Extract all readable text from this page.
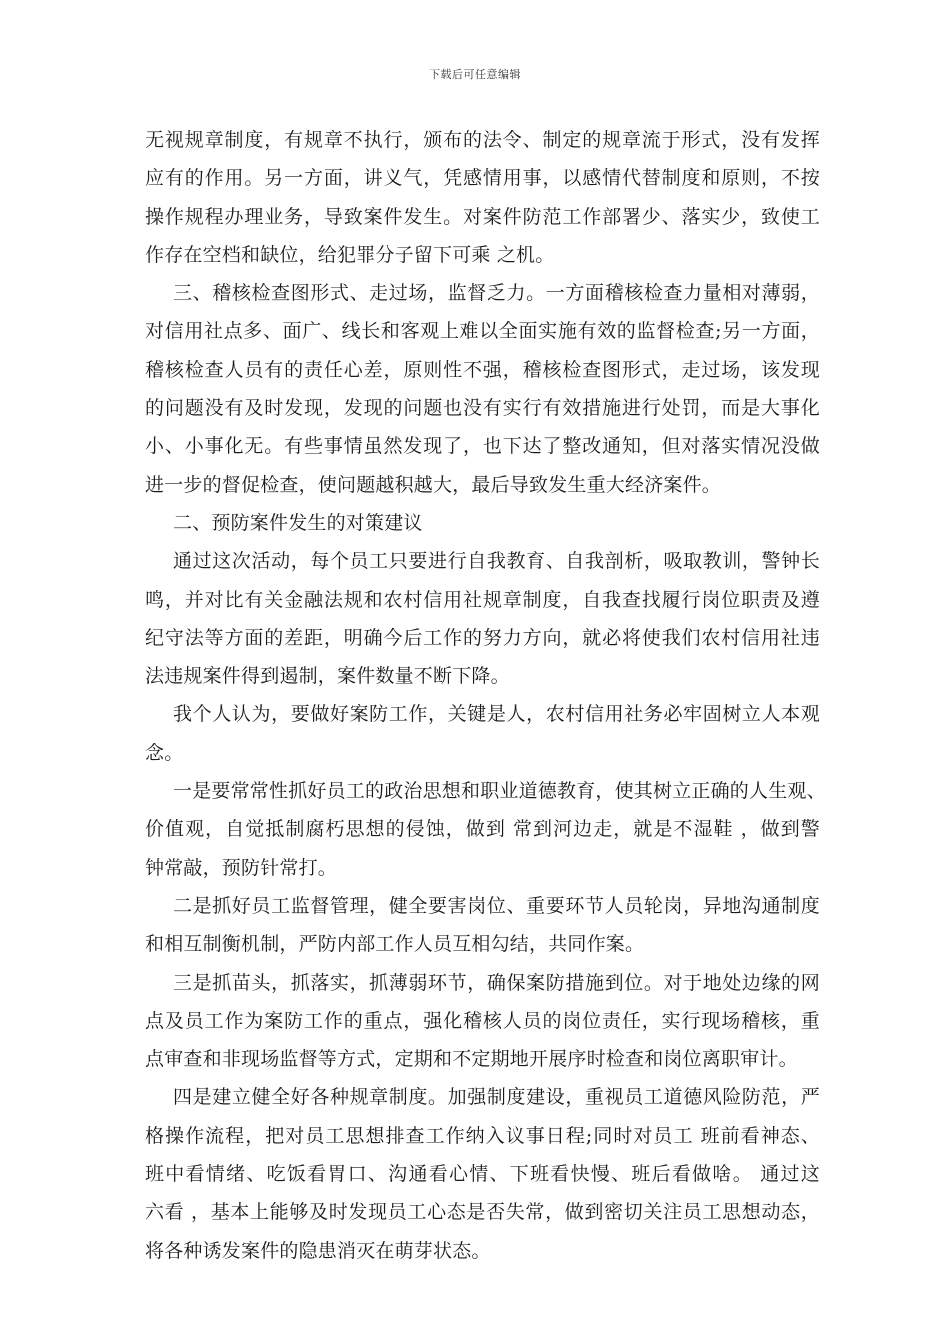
下载后可任意编辑
无视规章制度，有规章不执行，颁布的法令、制定的规章流于形式，没有发挥
应有的作用。另一方面，讲义气，凭感情用事，以感情代替制度和原则，不按
操作规程办理业务，导致案件发生。对案件防范工作部署少、落实少，致使工
作存在空档和缺位，给犯罪分子留下可乘 之机。
三、稽核检查图形式、走过场，监督乏力。一方面稽核检查力量相对薄弱，
对信用社点多、面广、线长和客观上难以全面实施有效的监督检查;另一方面，
稽核检查人员有的责任心差，原则性不强，稽核检查图形式，走过场，该发现
的问题没有及时发现，发现的问题也没有实行有效措施进行处罚，而是大事化
小、小事化无。有些事情虽然发现了，也下达了整改通知，但对落实情况没做
进一步的督促检查，使问题越积越大，最后导致发生重大经济案件。
二、预防案件发生的对策建议
通过这次活动，每个员工只要进行自我教育、自我剖析，吸取教训，警钟长
鸣，并对比有关金融法规和农村信用社规章制度，自我查找履行岗位职责及遵
纪守法等方面的差距，明确今后工作的努力方向，就必将使我们农村信用社违
法违规案件得到遏制，案件数量不断下降。
我个人认为，要做好案防工作，关键是人，农村信用社务必牢固树立人本观
念。
一是要常常性抓好员工的政治思想和职业道德教育，使其树立正确的人生观、
价值观，自觉抵制腐朽思想的侵蚀，做到 常到河边走，就是不湿鞋 ，做到警
钟常敲，预防针常打。
二是抓好员工监督管理，健全要害岗位、重要环节人员轮岗，异地沟通制度
和相互制衡机制，严防内部工作人员互相勾结，共同作案。
三是抓苗头，抓落实，抓薄弱环节，确保案防措施到位。对于地处边缘的网
点及员工作为案防工作的重点，强化稽核人员的岗位责任，实行现场稽核，重
点审查和非现场监督等方式，定期和不定期地开展序时检查和岗位离职审计。
四是建立健全好各种规章制度。加强制度建设，重视员工道德风险防范，严
格操作流程，把对员工思想排查工作纳入议事日程;同时对员工 班前看神态、
班中看情绪、吃饭看胃口、沟通看心情、下班看快慢、班后看做啥。 通过这
六看 ，基本上能够及时发现员工心态是否失常，做到密切关注员工思想动态，
将各种诱发案件的隐患消灭在萌芽状态。
